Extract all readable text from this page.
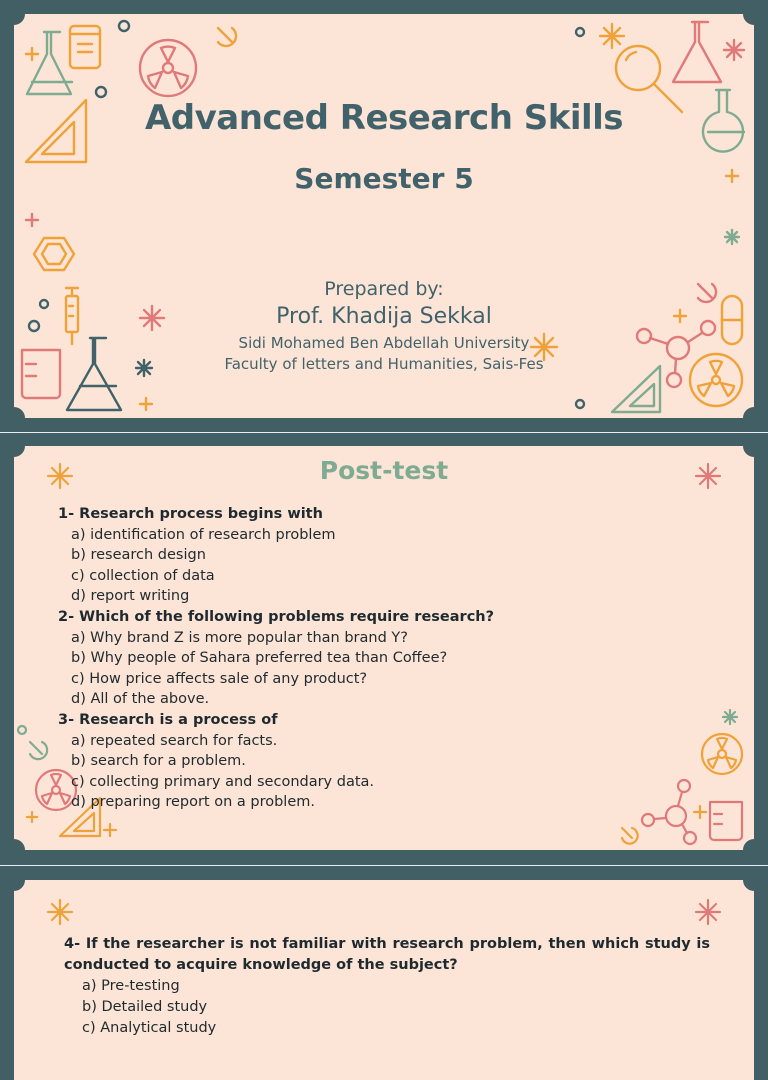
Advanced Research Skills
Semester 5
Prepared by:
Prof. Khadija Sekkal
Sidi Mohamed Ben Abdellah University
Faculty of letters and Humanities, Sais-Fes
Post-test
1- Research process begins with
a) identification of research problem
b) research design
c) collection of data
d) report writing
2- Which of the following problems require research?
a) Why brand Z is more popular than brand Y?
b) Why people of Sahara preferred tea than Coffee?
c) How price affects sale of any product?
d) All of the above.
3- Research is a process of
a) repeated search for facts.
b) search for a problem.
c) collecting primary and secondary data.
d) preparing report on a problem.
4- If the researcher is not familiar with research problem, then which study is conducted to acquire knowledge of the subject?
a) Pre-testing
b) Detailed study
c) Analytical study
